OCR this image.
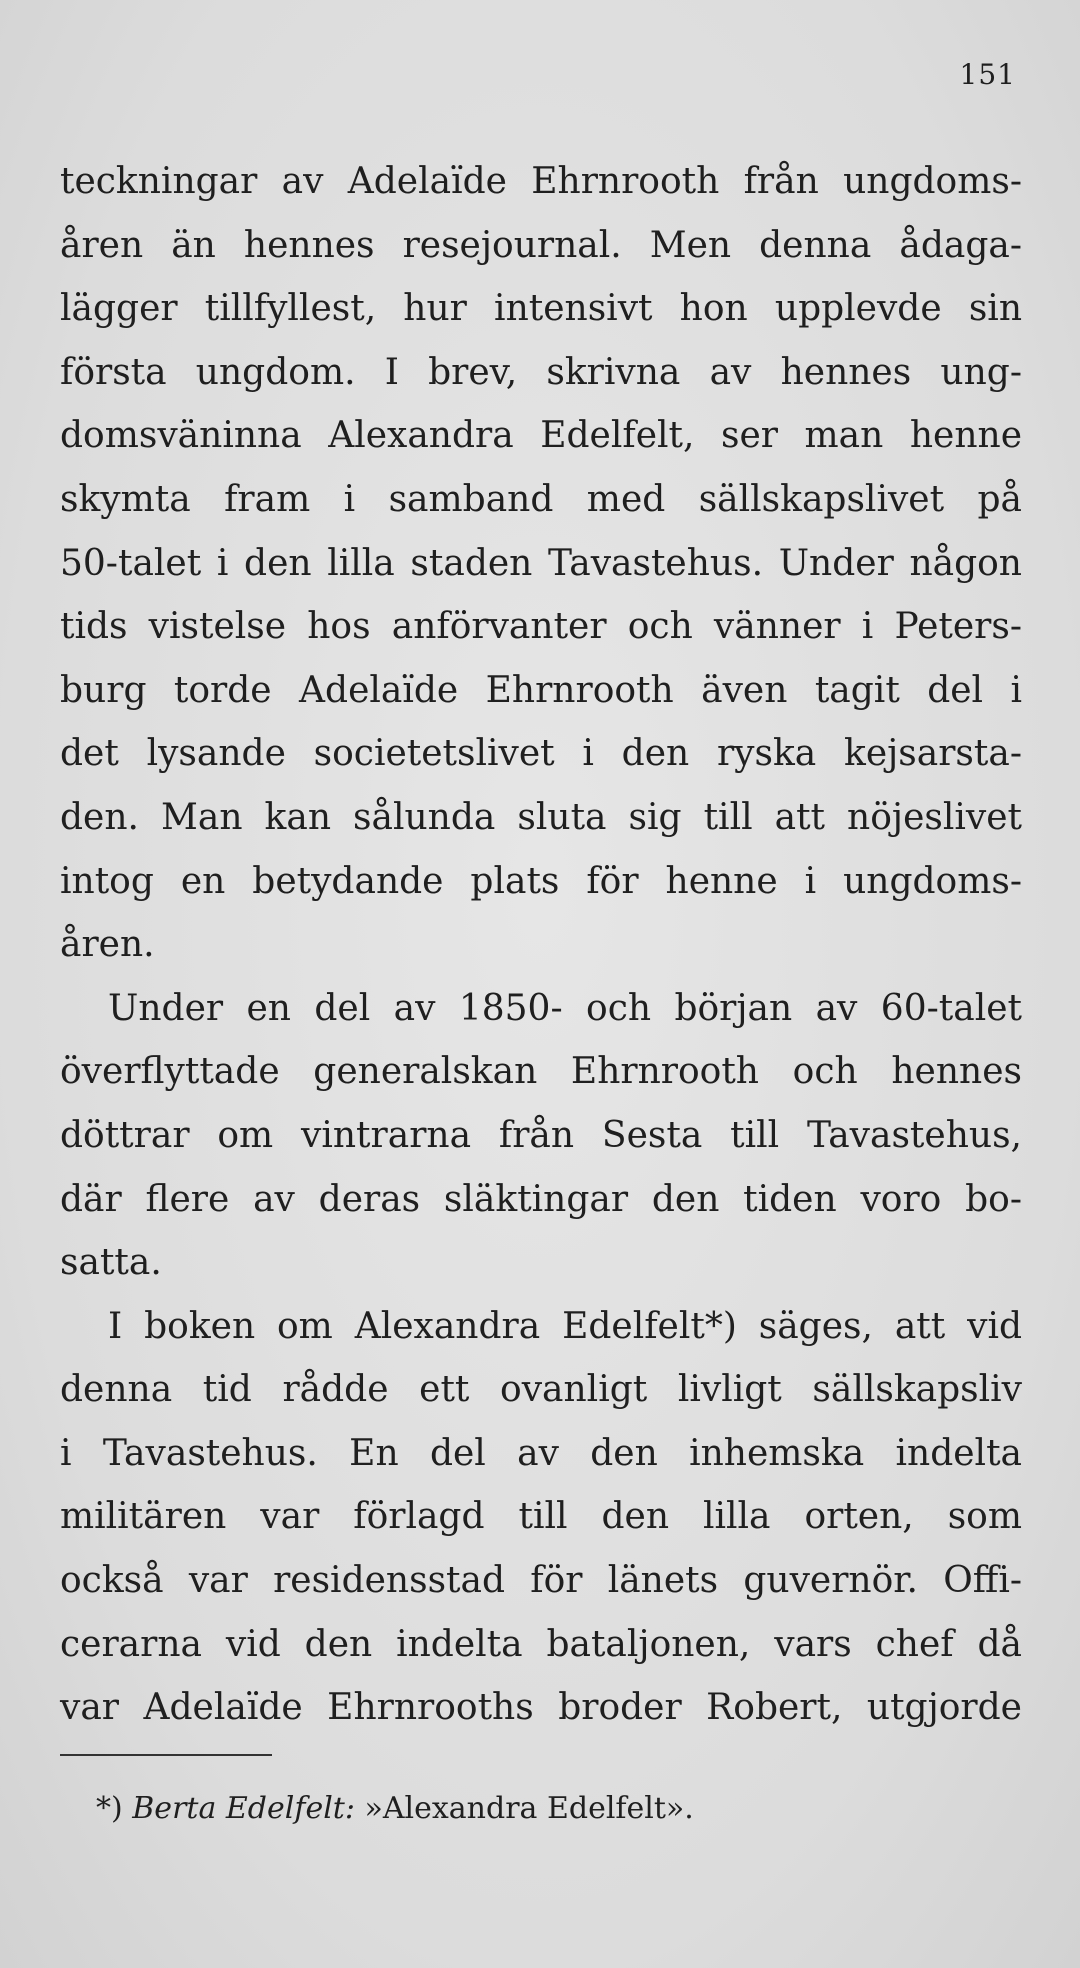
151
teckningar av Adelaïde Ehrnrooth från ungdoms-
åren än hennes resejournal. Men denna ådaga-
lägger tillfyllest, hur intensivt hon upplevde sin
första ungdom. I brev, skrivna av hennes ung-
domsväninna Alexandra Edelfelt, ser man henne
skymta fram i samband med sällskapslivet på
50-talet i den lilla staden Tavastehus. Under någon
tids vistelse hos anförvanter och vänner i Peters-
burg torde Adelaïde Ehrnrooth även tagit del i
det lysande societetslivet i den ryska kejsarsta-
den. Man kan sålunda sluta sig till att nöjeslivet
intog en betydande plats för henne i ungdoms-
åren.
Under en del av 1850- och början av 60-talet
överflyttade generalskan Ehrnrooth och hennes
döttrar om vintrarna från Sesta till Tavastehus,
där flere av deras släktingar den tiden voro bo-
satta.
I boken om Alexandra Edelfelt*) säges, att vid
denna tid rådde ett ovanligt livligt sällskapsliv
i Tavastehus. En del av den inhemska indelta
militären var förlagd till den lilla orten, som
också var residensstad för länets guvernör. Offi-
cerarna vid den indelta bataljonen, vars chef då
var Adelaïde Ehrnrooths broder Robert, utgjorde
*) Berta Edelfelt: »Alexandra Edelfelt».
